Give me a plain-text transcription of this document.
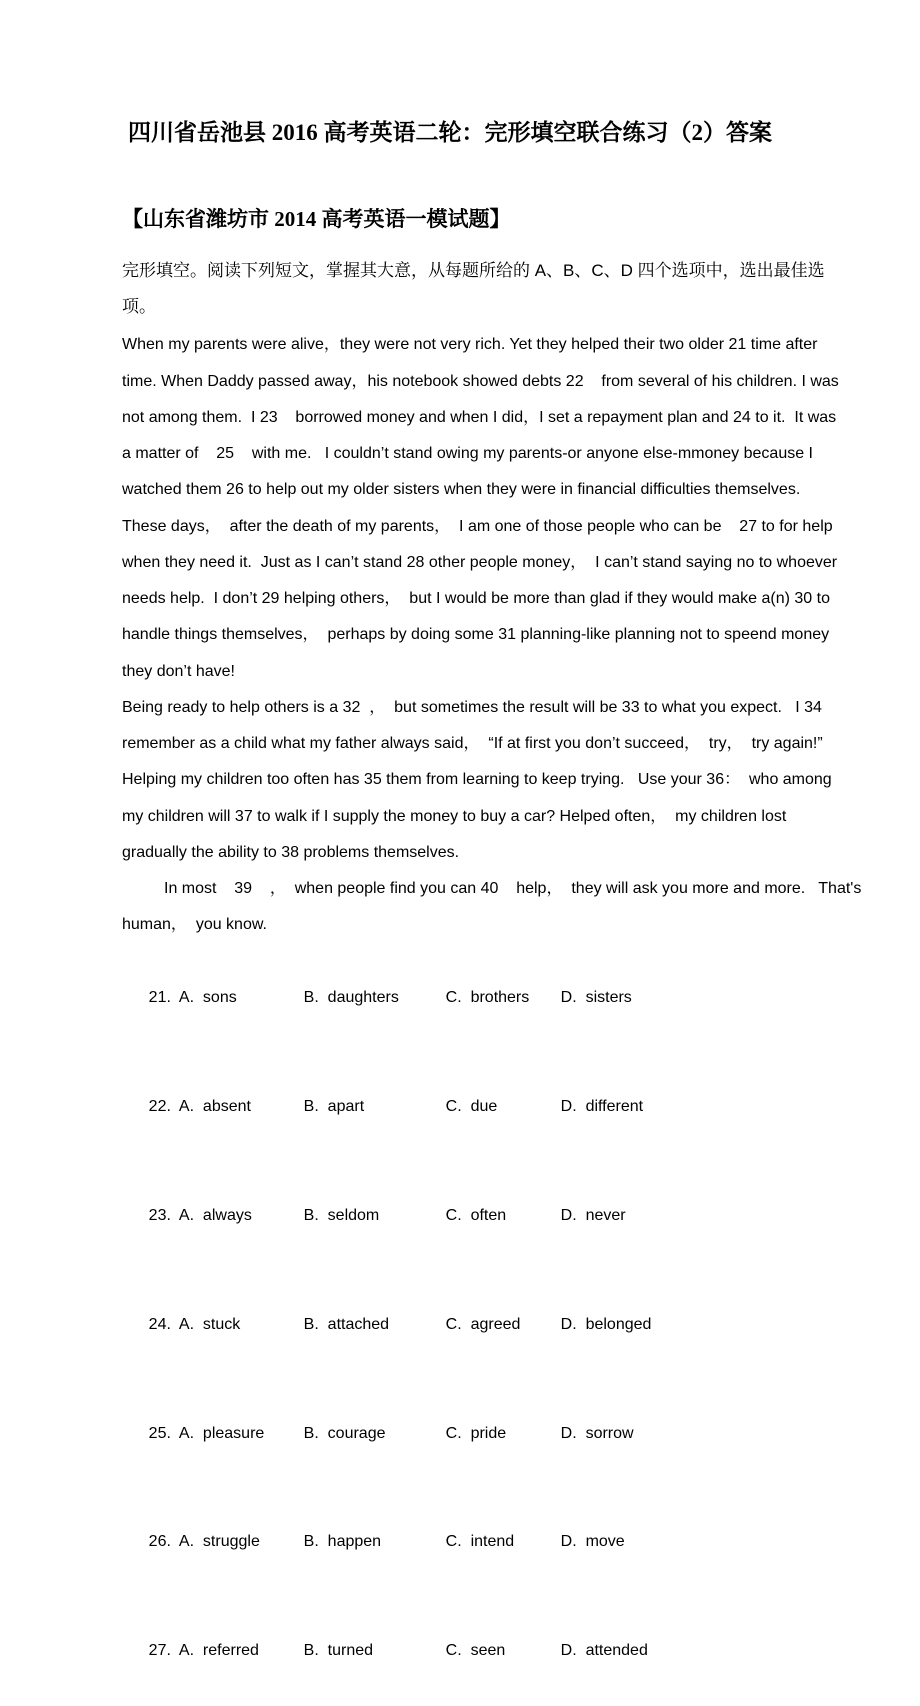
四川省岳池县 2016 高考英语二轮：完形填空联合练习（2）答案
【山东省潍坊市 2014 高考英语一模试题】
完形填空。阅读下列短文，掌握其大意，从每题所给的 A、B、C、D 四个选项中，选出最佳选
项。
When my parents were alive，they were not very rich. Yet they helped their two older 21 time after
time. When Daddy passed away，his notebook showed debts 22    from several of his children. I was
not among them.  I 23    borrowed money and when I did，I set a repayment plan and 24 to it.  It was
a matter of    25    with me.   I couldn’t stand owing my parents-or anyone else-mmoney because I
watched them 26 to help out my older sisters when they were in financial difficulties themselves.
These days，  after the death of my parents，  I am one of those people who can be    27 to for help
when they need it.  Just as I can’t stand 28 other people money，  I can’t stand saying no to whoever
needs help.  I don’t 29 helping others，  but I would be more than glad if they would make a(n) 30 to
handle things themselves，  perhaps by doing some 31 planning-like planning not to speend money
they don’t have!
Being ready to help others is a 32  ，  but sometimes the result will be 33 to what you expect.   I 34
remember as a child what my father always said，  “If at first you don’t succeed，  try，  try again!”
Helping my children too often has 35 them from learning to keep trying.   Use your 36：  who among
my children will 37 to walk if I supply the money to buy a car? Helped often，  my children lost
gradually the ability to 38 problems themselves.
In most    39    ，  when people find you can 40    help，  they will ask you more and more.   That's
human，  you know.

21.  A.  sons	B.  daughters	C.  brothers D.  sisters

22.  A.  absent	B.  apart	C.  due	D.  different

23.  A.  always	B.  seldom	C.  often	D.  never

24.  A.  stuck	B.  attached	C.  agreed	D.  belonged

25.  A.  pleasure B.  courage	C.  pride	D.  sorrow

26.  A.  struggle	B.  happen	C.  intend	D.  move

27.  A.  referred	B.  turned	C.  seen	D.  attended
